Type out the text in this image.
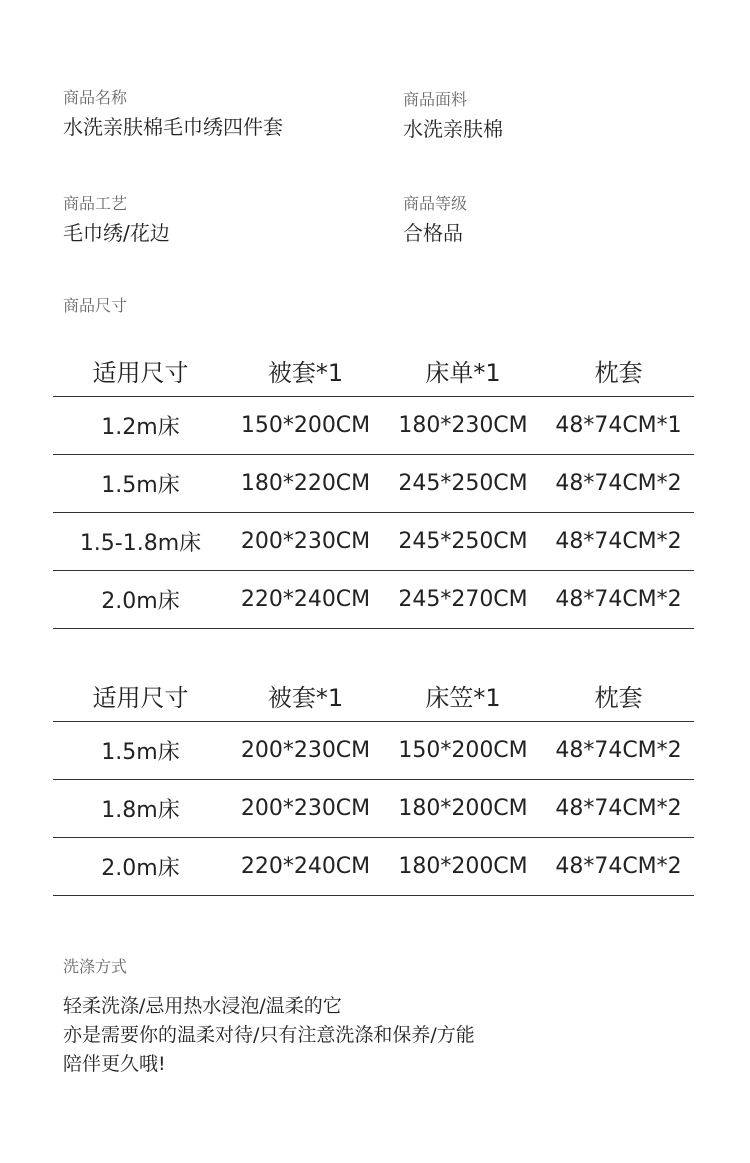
商品名称
水洗亲肤棉毛巾绣四件套
商品面料
水洗亲肤棉
商品工艺
毛巾绣/花边
商品等级
合格品
商品尺寸
适用尺寸	被套*1	床单*1	枕套
1.2m床	150*200CM	180*230CM	48*74CM*1
1.5m床	180*220CM	245*250CM	48*74CM*2
1.5-1.8m床	200*230CM	245*250CM	48*74CM*2
2.0m床	220*240CM	245*270CM	48*74CM*2
适用尺寸	被套*1	床笠*1	枕套
1.5m床	200*230CM	150*200CM	48*74CM*2
1.8m床	200*230CM	180*200CM	48*74CM*2
2.0m床	220*240CM	180*200CM	48*74CM*2
洗涤方式
轻柔洗涤/忌用热水浸泡/温柔的它
亦是需要你的温柔对待/只有注意洗涤和保养/方能
陪伴更久哦!
